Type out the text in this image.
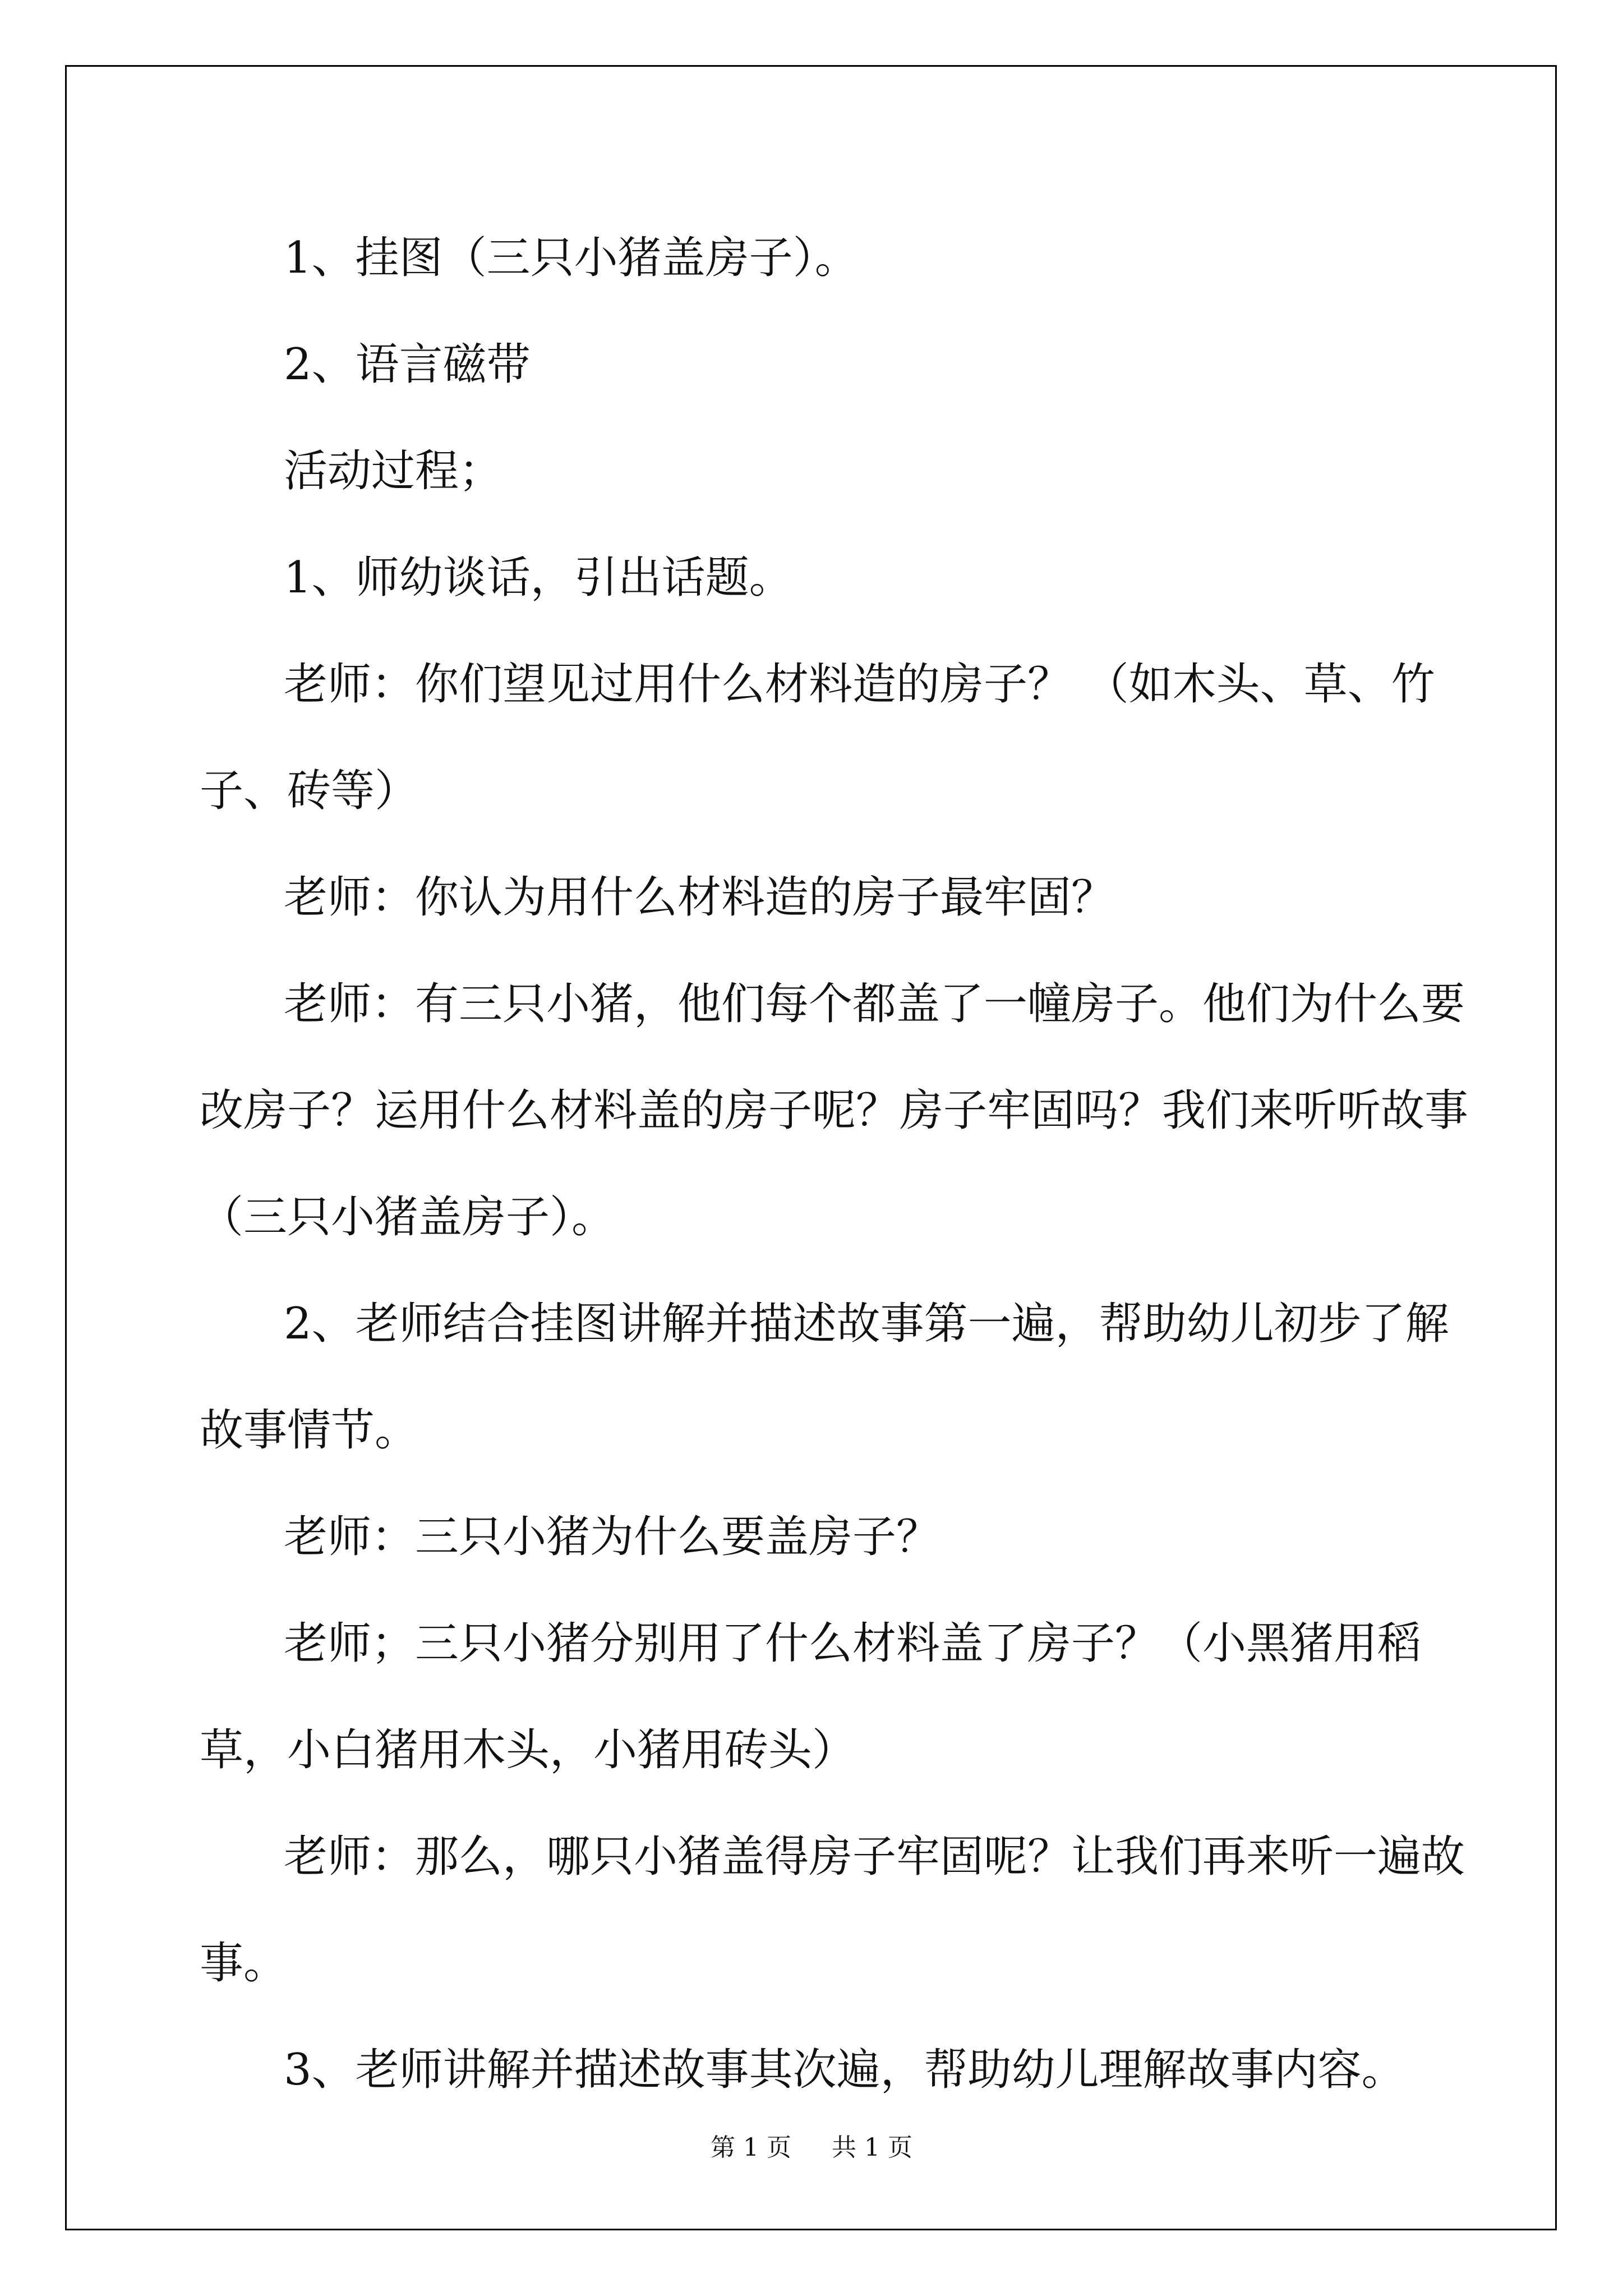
1、挂图（三只小猪盖房子）。

2、语言磁带

活动过程；

1、师幼谈话，引出话题。

老师：你们望见过用什么材料造的房子？ （如木头、草、竹子、砖等）

老师：你认为用什么材料造的房子最牢固？

老师：有三只小猪，他们每个都盖了一幢房子。他们为什么要改房子？运用什么材料盖的房子呢？房子牢固吗？我们来听听故事（三只小猪盖房子）。

2、老师结合挂图讲解并描述故事第一遍，帮助幼儿初步了解故事情节。

老师：三只小猪为什么要盖房子？

老师；三只小猪分别用了什么材料盖了房子？（小黑猪用稻草，小白猪用木头，小猪用砖头）

老师：那么，哪只小猪盖得房子牢固呢？让我们再来听一遍故事。

3、老师讲解并描述故事其次遍，帮助幼儿理解故事内容。

第 1 页 共 1 页
